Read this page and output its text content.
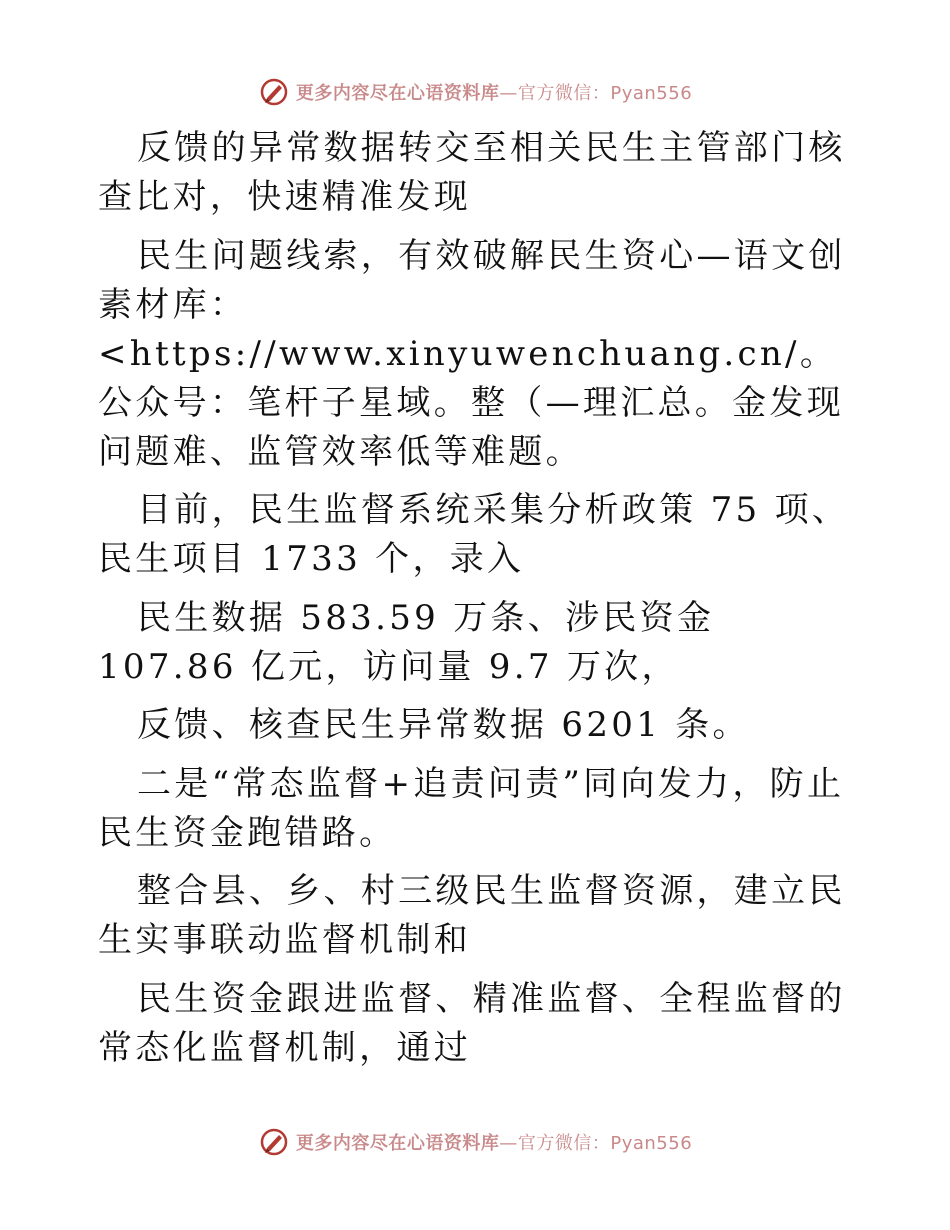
更多内容尽在心语资料库 —官方微信：Pyan556

反馈的异常数据转交至相关民生主管部门核查比对，快速精准发现

民生问题线索，有效破解民生资心—语文创素材库：<https://www.xinyuwenchuang.cn/。公众号：笔杆子星域。整（—理汇总。金发现问题难、监管效率低等难题。

目前，民生监督系统采集分析政策 75 项、民生项目 1733 个，录入

民生数据 583.59 万条、涉民资金 107.86 亿元，访问量 9.7 万次，

反馈、核查民生异常数据 6201 条。

二是“常态监督+追责问责”同向发力，防止民生资金跑错路。

整合县、乡、村三级民生监督资源，建立民生实事联动监督机制和

民生资金跟进监督、精准监督、全程监督的常态化监督机制，通过

更多内容尽在心语资料库 —官方微信：Pyan556
